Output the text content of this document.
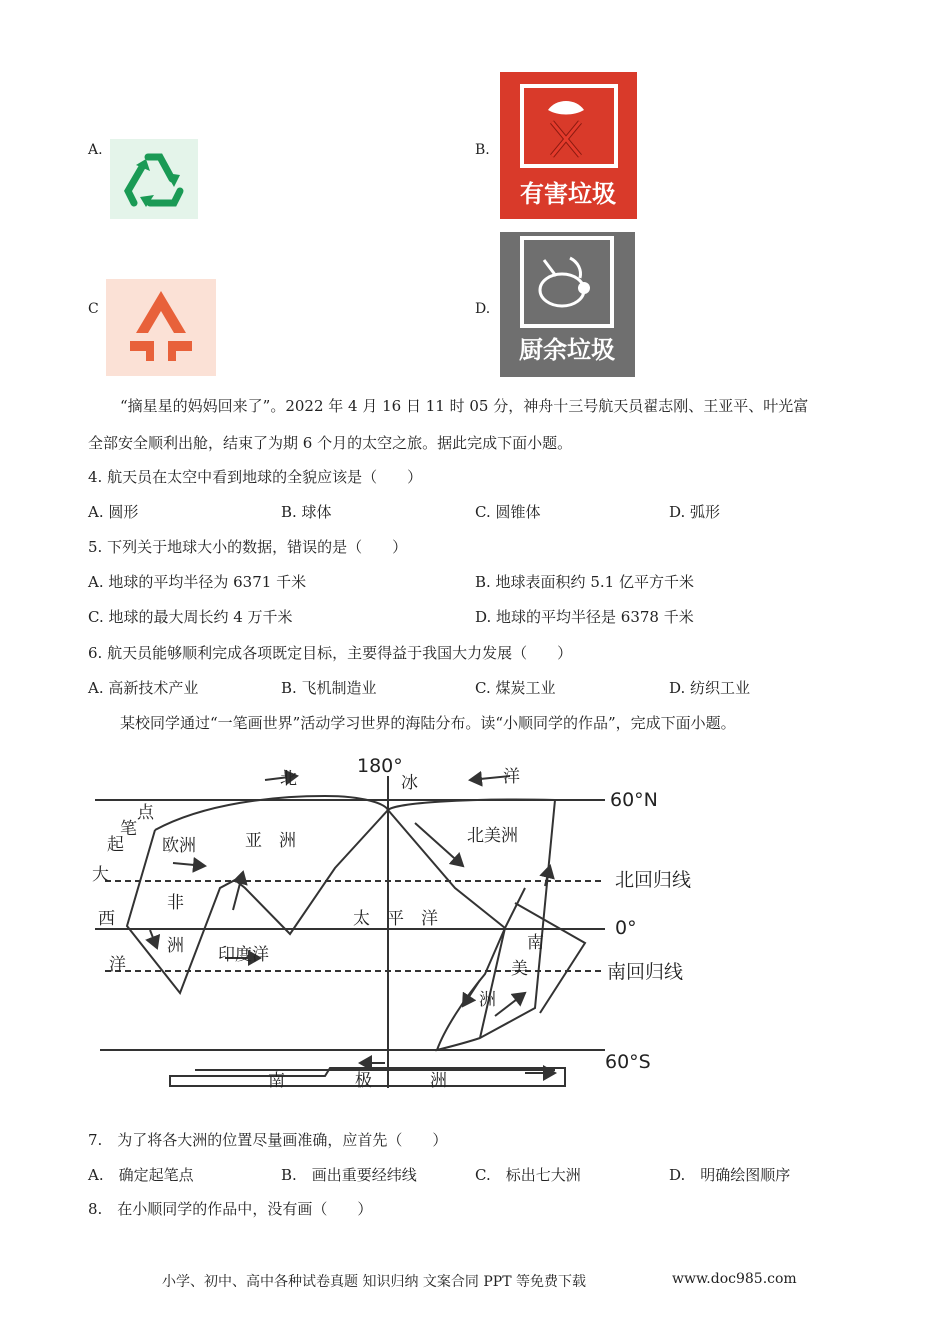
A.	B.
有害垃圾
C	D.
厨余垃圾
“摘星星的妈妈回来了”。2022 年 4 月 16 日 11 时 05 分，神舟十三号航天员翟志刚、王亚平、叶光富
全部安全顺利出舱，结束了为期 6 个月的太空之旅。据此完成下面小题。
4. 航天员在太空中看到地球的全貌应该是（　　）
A. 圆形	B. 球体	C. 圆锥体	D. 弧形
5. 下列关于地球大小的数据，错误的是（　　）
A. 地球的平均半径为 6371 千米	B. 地球表面积约 5.1 亿平方千米
C. 地球的最大周长约 4 万千米	D. 地球的平均半径是 6378 千米
6. 航天员能够顺利完成各项既定目标，主要得益于我国大力发展（　　）
A. 高新技术产业	B. 飞机制造业	C. 煤炭工业	D. 纺织工业
某校同学通过“一笔画世界”活动学习世界的海陆分布。读“小顺同学的作品”，完成下面小题。
180°
60°N
北回归线
0°
南回归线
60°S
北	冰	洋
起
笔
点
大
西
洋
欧洲	亚　洲
非
洲 印度洋
太　平　洋
北美洲
南
美
洲
南	极	洲
7.　为了将各大洲的位置尽量画准确，应首先（　　）
A.　确定起笔点	B.　画出重要经纬线	C.　标出七大洲	D.　明确绘图顺序
8.　在小顺同学的作品中，没有画（　　）
小学、初中、高中各种试卷真题 知识归纳 文案合同 PPT 等免费下载	www.doc985.com
